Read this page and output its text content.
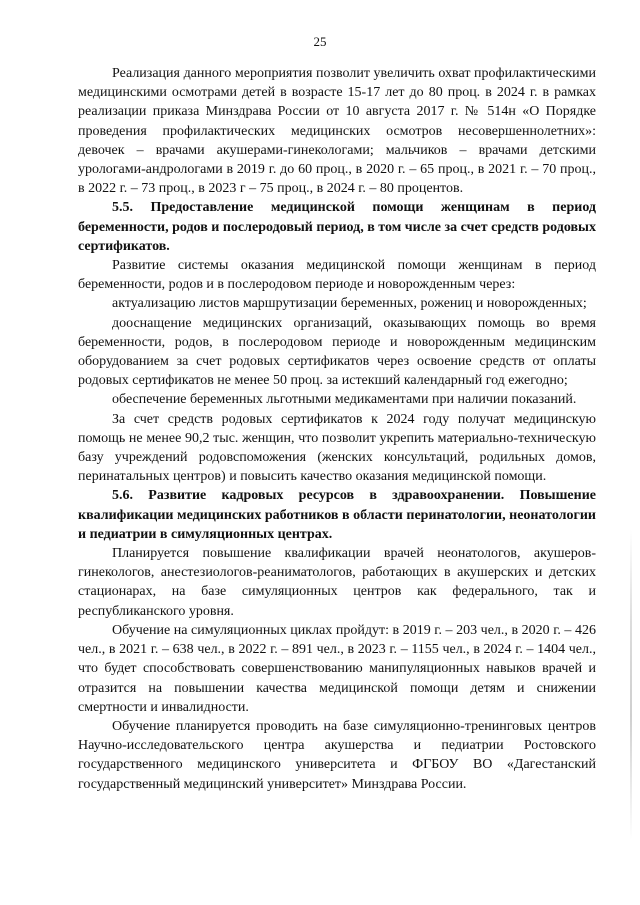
25

Реализация данного мероприятия позволит увеличить охват профилактическими медицинскими осмотрами детей в возрасте 15-17 лет до 80 проц. в 2024 г. в рамках реализации приказа Минздрава России от 10 августа 2017 г. № 514н «О Порядке проведения профилактических медицинских осмотров несовершеннолетних»: девочек – врачами акушерами-гинекологами; мальчиков – врачами детскими урологами-андрологами в 2019 г. до 60 проц., в 2020 г. – 65 проц., в 2021 г. – 70 проц., в 2022 г. – 73 проц., в 2023 г – 75 проц., в 2024 г. – 80 процентов.

5.5. Предоставление медицинской помощи женщинам в период беременности, родов и послеродовый период, в том числе за счет средств родовых сертификатов.

Развитие системы оказания медицинской помощи женщинам в период беременности, родов и в послеродовом периоде и новорожденным через:

актуализацию листов маршрутизации беременных, рожениц и новорожденных;

дооснащение медицинских организаций, оказывающих помощь во время беременности, родов, в послеродовом периоде и новорожденным медицинским оборудованием за счет родовых сертификатов через освоение средств от оплаты родовых сертификатов не менее 50 проц. за истекший календарный год ежегодно;

обеспечение беременных льготными медикаментами при наличии показаний.

За счет средств родовых сертификатов к 2024 году получат медицинскую помощь не менее 90,2 тыс. женщин, что позволит укрепить материально-техническую базу учреждений родовспоможения (женских консультаций, родильных домов, перинатальных центров) и повысить качество оказания медицинской помощи.

5.6. Развитие кадровых ресурсов в здравоохранении. Повышение квалификации медицинских работников в области перинатологии, неонатологии и педиатрии в симуляционных центрах.

Планируется повышение квалификации врачей неонатологов, акушеров-гинекологов, анестезиологов-реаниматологов, работающих в акушерских и детских стационарах, на базе симуляционных центров как федерального, так и республиканского уровня.

Обучение на симуляционных циклах пройдут: в 2019 г. – 203 чел., в 2020 г. – 426 чел., в 2021 г. – 638 чел., в 2022 г. – 891 чел., в 2023 г. – 1155 чел., в 2024 г. – 1404 чел., что будет способствовать совершенствованию манипуляционных навыков врачей и отразится на повышении качества медицинской помощи детям и снижении смертности и инвалидности.

Обучение планируется проводить на базе симуляционно-тренинговых центров Научно-исследовательского центра акушерства и педиатрии Ростовского государственного медицинского университета и ФГБОУ ВО «Дагестанский государственный медицинский университет» Минздрава России.
